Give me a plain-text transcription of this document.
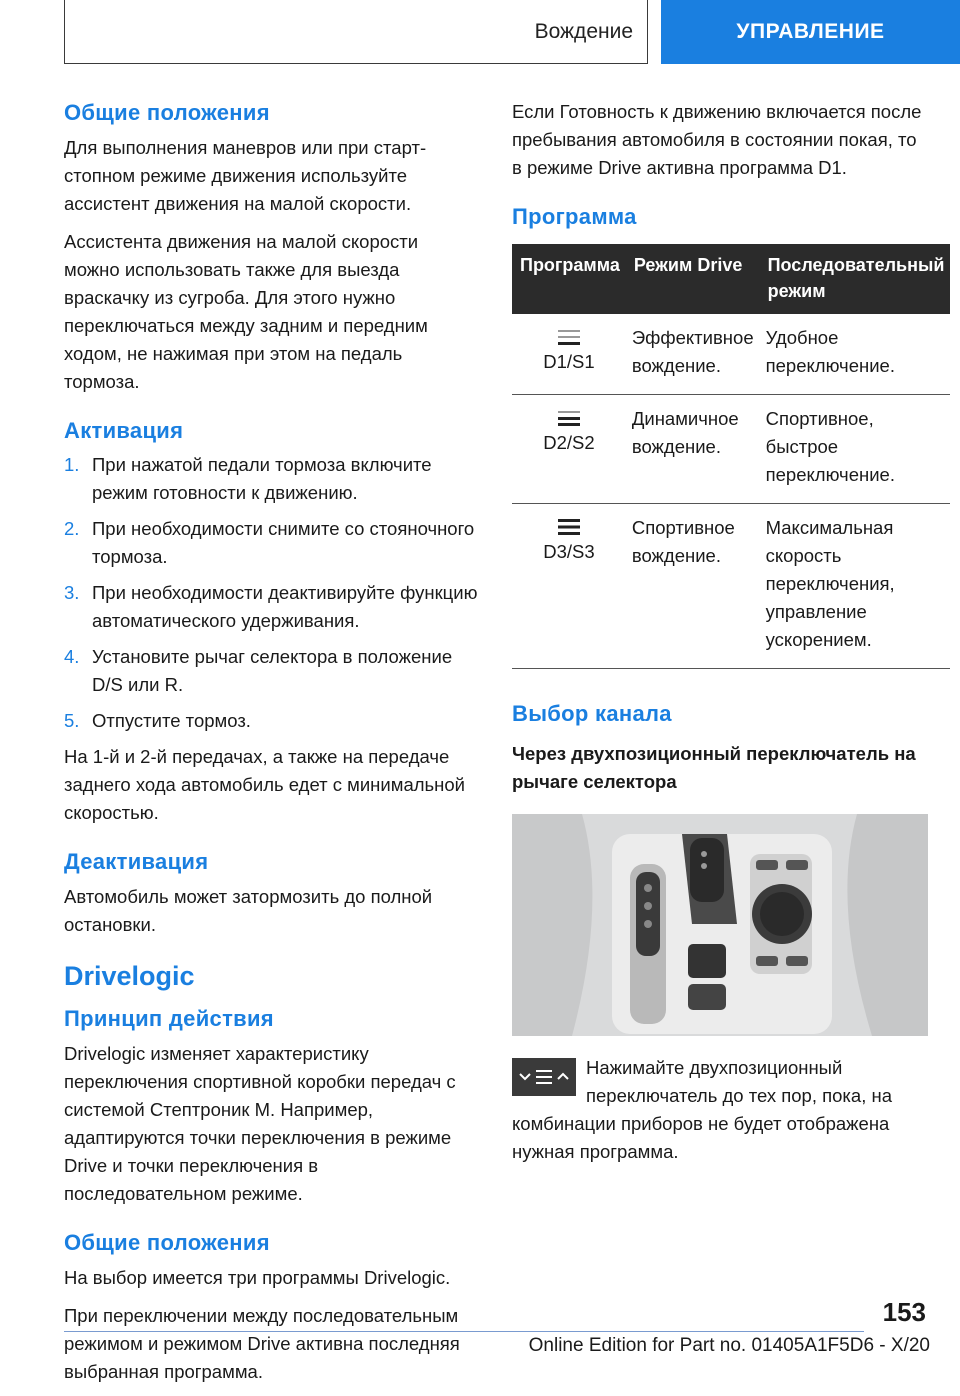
Вождение	УПРАВЛЕНИЕ
Общие положения

Для выполнения маневров или при старт-стопном режиме движения используйте ассистент движения на малой скорости.

Ассистента движения на малой скорости можно использовать также для выезда враскачку из сугроба. Для этого нужно переключаться между задним и передним ходом, не нажимая при этом на педаль тормоза.

Активация
1. При нажатой педали тормоза включите режим готовности к движению.
2. При необходимости снимите со стояночного тормоза.
3. При необходимости деактивируйте функцию автоматического удерживания.
4. Установите рычаг селектора в положение D/S или R.
5. Отпустите тормоз.

На 1-й и 2-й передачах, а также на передаче заднего хода автомобиль едет с минимальной скоростью.

Деактивация

Автомобиль может затормозить до полной остановки.

Drivelogic
Принцип действия

Drivelogic изменяет характеристику переключения спортивной коробки передач с системой Стептроник M. Например, адаптируются точки переключения в режиме Drive и точки переключения в последовательном режиме.

Общие положения

На выбор имеется три программы Drivelogic.

При переключении между последовательным режимом и режимом Drive активна последняя выбранная программа.

Если Готовность к движению включается после пребывания автомобиля в состоянии покая, то в режиме Drive активна программа D1.

Программа
Программа	Режим Drive	Последовательный режим

D1/S1	Эффективное вождение.	Удобное переключение.

D2/S2	Динамичное вождение.	Спортивное, быстрое переключение.

D3/S3	Спортивное вождение.	Максимальная скорость переключения, управление ускорением.
Выбор канала
Через двухпозиционный переключатель на рычаге селектора

Нажимайте двухпозиционный переключатель до тех пор, пока, на комбинации приборов не будет отображена нужная программа.

153
Online Edition for Part no. 01405A1F5D6 - X/20
